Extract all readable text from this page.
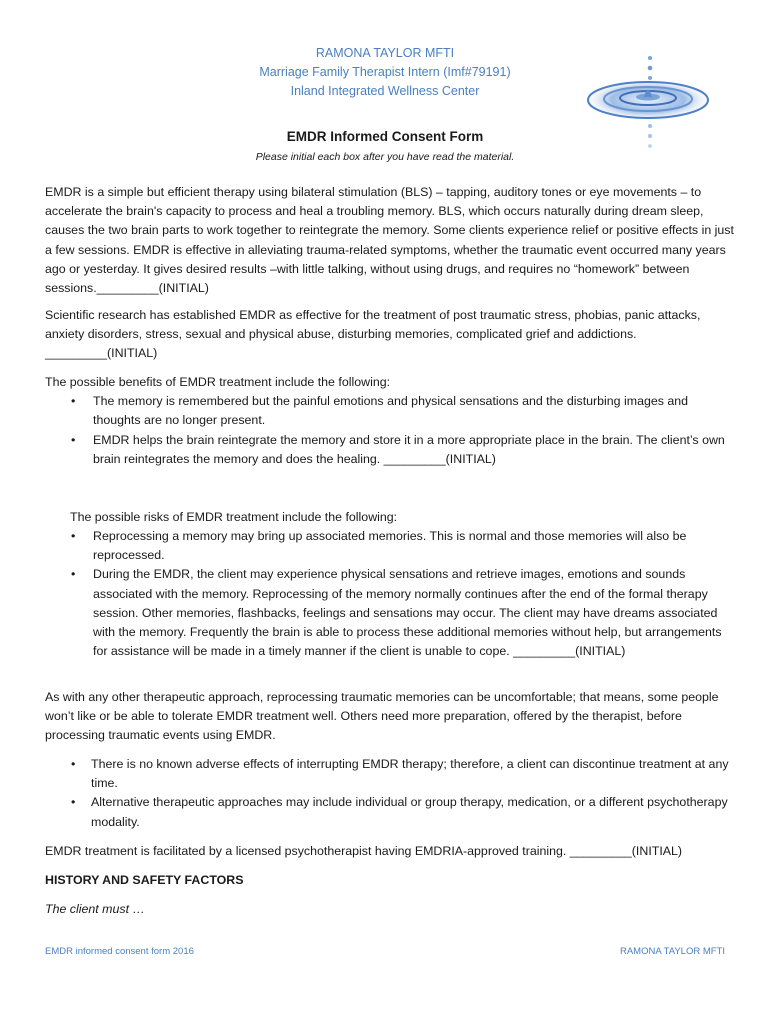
RAMONA TAYLOR MFTI
Marriage Family Therapist Intern (Imf#79191)
Inland Integrated Wellness Center
EMDR Informed Consent Form
Please initial each box after you have read the material.

EMDR is a simple but efficient therapy using bilateral stimulation (BLS) – tapping, auditory tones or eye movements – to accelerate the brain's capacity to process and heal a troubling memory. BLS, which occurs naturally during dream sleep, causes the two brain parts to work together to reintegrate the memory. Some clients experience relief or positive effects in just a few sessions. EMDR is effective in alleviating trauma-related symptoms, whether the traumatic event occurred many years ago or yesterday. It gives desired results –with little talking, without using drugs, and requires no “homework” between sessions._________(INITIAL)

Scientific research has established EMDR as effective for the treatment of post traumatic stress, phobias, panic attacks, anxiety disorders, stress, sexual and physical abuse, disturbing memories, complicated grief and addictions. _________(INITIAL)

The possible benefits of EMDR treatment include the following:

• The memory is remembered but the painful emotions and physical sensations and the disturbing images and thoughts are no longer present.
• EMDR helps the brain reintegrate the memory and store it in a more appropriate place in the brain. The client’s own brain reintegrates the memory and does the healing. _________(INITIAL)

The possible risks of EMDR treatment include the following:

• Reprocessing a memory may bring up associated memories. This is normal and those memories will also be reprocessed.
• During the EMDR, the client may experience physical sensations and retrieve images, emotions and sounds associated with the memory. Reprocessing of the memory normally continues after the end of the formal therapy session. Other memories, flashbacks, feelings and sensations may occur. The client may have dreams associated with the memory. Frequently the brain is able to process these additional memories without help, but arrangements for assistance will be made in a timely manner if the client is unable to cope. _________(INITIAL)

As with any other therapeutic approach, reprocessing traumatic memories can be uncomfortable; that means, some people won’t like or be able to tolerate EMDR treatment well. Others need more preparation, offered by the therapist, before processing traumatic events using EMDR.

• There is no known adverse effects of interrupting EMDR therapy; therefore, a client can discontinue treatment at any time.
• Alternative therapeutic approaches may include individual or group therapy, medication, or a different psychotherapy modality.

EMDR treatment is facilitated by a licensed psychotherapist having EMDRIA-approved training. _________(INITIAL)

HISTORY AND SAFETY FACTORS
The client must …
EMDR informed consent form 2016	RAMONA TAYLOR MFTI
